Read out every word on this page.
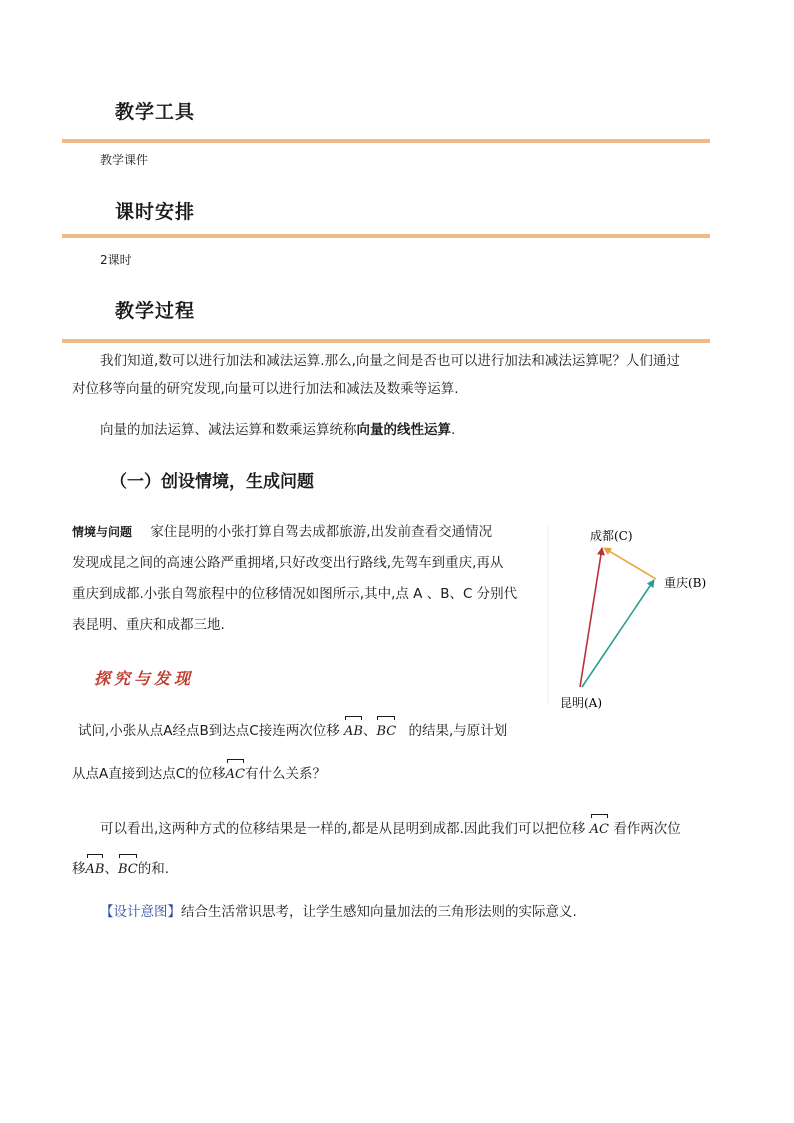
教学工具
教学课件
课时安排
2课时
教学过程
我们知道,数可以进行加法和减法运算.那么,向量之间是否也可以进行加法和减法运算呢？人们通过
对位移等向量的研究发现,向量可以进行加法和减法及数乘等运算.
向量的加法运算、减法运算和数乘运算统称向量的线性运算.
（一）创设情境，生成问题
情境与问题 家住昆明的小张打算自驾去成都旅游,出发前查看交通情况
发现成昆之间的高速公路严重拥堵,只好改变出行路线,先驾车到重庆,再从
重庆到成都.小张自驾旅程中的位移情况如图所示,其中,点 A 、B、C 分别代
表昆明、重庆和成都三地.
成都(C)
重庆(B)
昆明(A)
探究与发现
试问,小张从点A经点B到达点C接连两次位移 AB、BC 的结果,与原计划
从点A直接到达点C的位移AC有什么关系？
可以看出,这两种方式的位移结果是一样的,都是从昆明到成都.因此我们可以把位移 AC 看作两次位
移AB、BC的和.
【设计意图】结合生活常识思考，让学生感知向量加法的三角形法则的实际意义.
